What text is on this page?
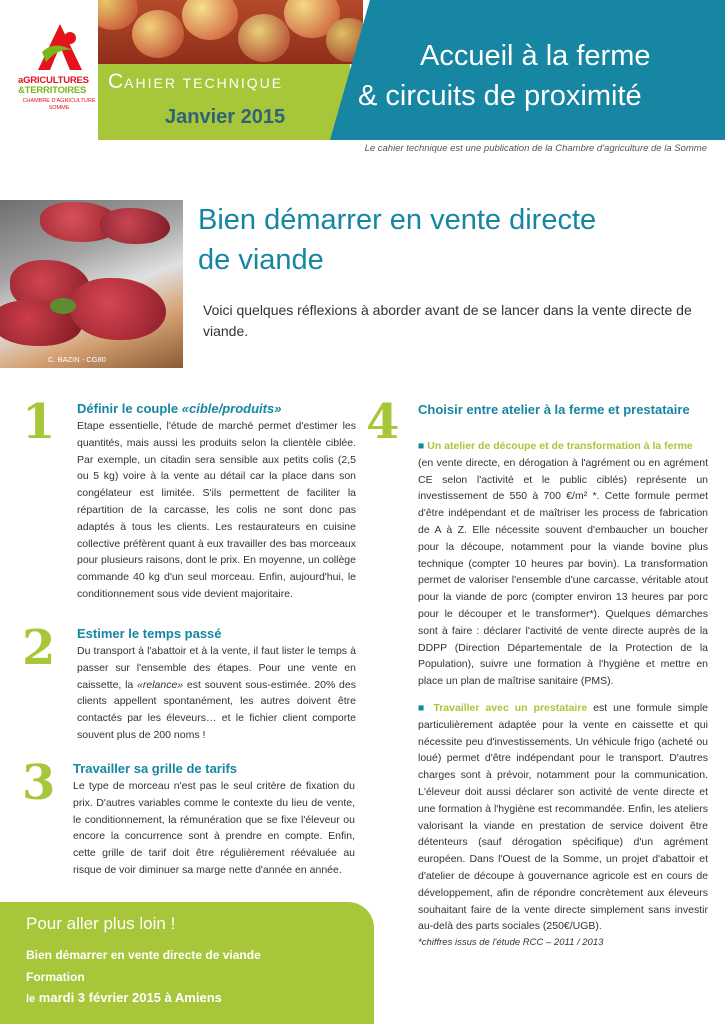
aGRICULTURES
&TERRITOIRES
CHAMBRE D'AGRICULTURE
SOMME
CAHIER TECHNIQUE
Janvier 2015
Accueil à la ferme
& circuits de proximité
Le cahier technique est une publication de la Chambre d'agriculture de la Somme
C. BAZIN - CG80
Bien démarrer en vente directe
de viande
Voici quelques réflexions à aborder avant de se lancer dans la vente directe de viande.
1 Définir le couple «cible/produits»
Etape essentielle, l'étude de marché permet d'estimer les quantités, mais aussi les produits selon la clientèle ciblée. Par exemple, un citadin sera sensible aux petits colis (2,5 ou 5 kg) voire à la vente au détail car la place dans son congélateur est limitée. S'ils permettent de faciliter la répartition de la carcasse, les colis ne sont donc pas adaptés à tous les clients. Les restaurateurs en cuisine collective préfèrent quant à eux travailler des bas morceaux pour plusieurs raisons, dont le prix. En moyenne, un collège commande 40 kg d'un seul morceau. Enfin, aujourd'hui, le conditionnement sous vide devient majoritaire.
2 Estimer le temps passé
Du transport à l'abattoir et à la vente, il faut lister le temps à passer sur l'ensemble des étapes. Pour une vente en caissette, la «relance» est souvent sous-estimée. 20% des clients appellent spontanément, les autres doivent être contactés par les éleveurs… et le fichier client comporte souvent plus de 200 noms !
3 Travailler sa grille de tarifs
Le type de morceau n'est pas le seul critère de fixation du prix. D'autres variables comme le contexte du lieu de vente, le conditionnement, la rémunération que se fixe l'éleveur ou encore la concurrence sont à prendre en compte. Enfin, cette grille de tarif doit être régulièrement réévaluée au risque de voir diminuer sa marge nette d'année en année.
4 Choisir entre atelier à la ferme et prestataire
■ Un atelier de découpe et de transformation à la ferme
(en vente directe, en dérogation à l'agrément ou en agrément CE selon l'activité et le public ciblés) représente un investissement de 550 à 700 €/m² *. Cette formule permet d'être indépendant et de maîtriser les process de fabrication de A à Z. Elle nécessite souvent d'embaucher un boucher pour la découpe, notamment pour la viande bovine plus technique (compter 10 heures par bovin). La transformation permet de valoriser l'ensemble d'une carcasse, véritable atout pour la viande de porc (compter environ 13 heures par porc pour le découper et le transformer*). Quelques démarches sont à faire : déclarer l'activité de vente directe auprès de la DDPP (Direction Départementale de la Protection de la Population), suivre une formation à l'hygiène et mettre en place un plan de maîtrise sanitaire (PMS).
■ Travailler avec un prestataire est une formule simple particulièrement adaptée pour la vente en caissette et qui nécessite peu d'investissements. Un véhicule frigo (acheté ou loué) permet d'être indépendant pour le transport. D'autres charges sont à prévoir, notamment pour la communication. L'éleveur doit aussi déclarer son activité de vente directe et une formation à l'hygiène est recommandée. Enfin, les ateliers valorisant la viande en prestation de service doivent être détenteurs (sauf dérogation spécifique) d'un agrément européen. Dans l'Ouest de la Somme, un projet d'abattoir et d'atelier de découpe à gouvernance agricole est en cours de développement, afin de répondre concrètement aux éleveurs souhaitant faire de la vente directe simplement sans investir au-delà des parts sociales (250€/UGB).
*chiffres issus de l'étude RCC – 2011 / 2013
Pour aller plus loin !
Bien démarrer en vente directe de viande
Formation
le mardi 3 février 2015 à Amiens
